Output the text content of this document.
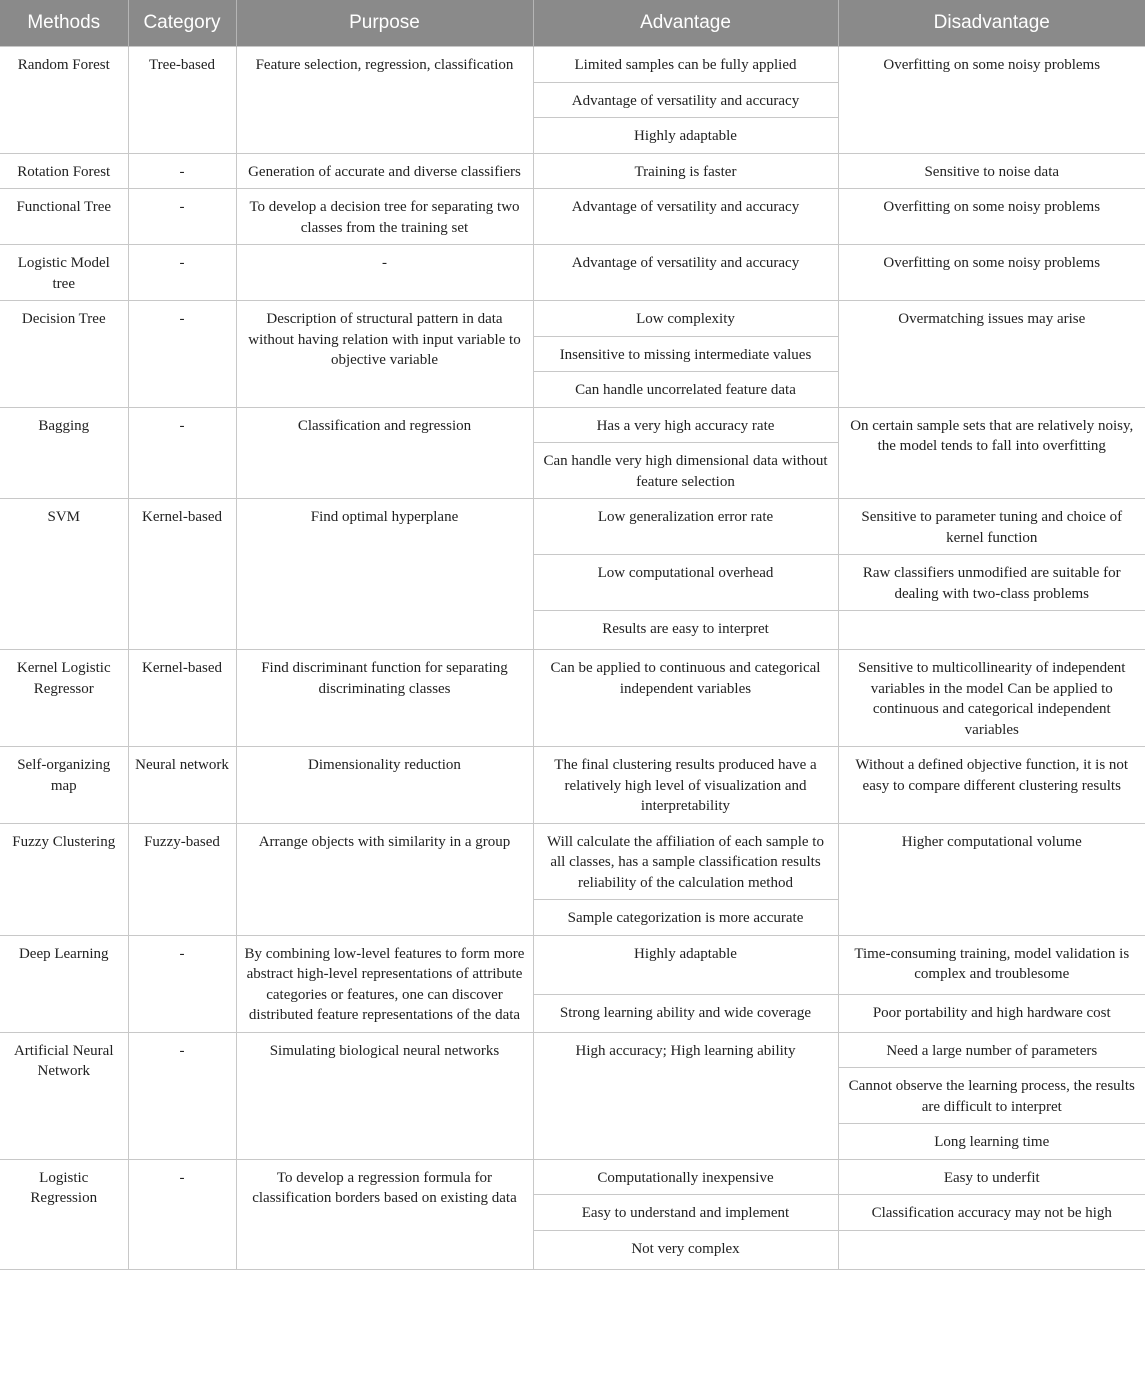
Methods	Category	Purpose	Advantage	Disadvantage
Random Forest	Tree-based	Feature selection, regression, classification	Limited samples can be fully applied	Overfitting on some noisy problems
			Advantage of versatility and accuracy	
			Highly adaptable	
Rotation Forest	-	Generation of accurate and diverse classifiers	Training is faster	Sensitive to noise data
Functional Tree	-	To develop a decision tree for separating two classes from the training set	Advantage of versatility and accuracy	Overfitting on some noisy problems
Logistic Model tree	-	-	Advantage of versatility and accuracy	Overfitting on some noisy problems
Decision Tree	-	Description of structural pattern in data without having relation with input variable to objective variable	Low complexity	Overmatching issues may arise
			Insensitive to missing intermediate values	
			Can handle uncorrelated feature data	
Bagging	-	Classification and regression	Has a very high accuracy rate	On certain sample sets that are relatively noisy, the model tends to fall into overfitting
			Can handle very high dimensional data without feature selection	
SVM	Kernel-based	Find optimal hyperplane	Low generalization error rate	Sensitive to parameter tuning and choice of kernel function
			Low computational overhead	Raw classifiers unmodified are suitable for dealing with two-class problems
			Results are easy to interpret	
Kernel Logistic Regressor	Kernel-based	Find discriminant function for separating discriminating classes	Can be applied to continuous and categorical independent variables	Sensitive to multicollinearity of independent variables in the model Can be applied to continuous and categorical independent variables
Self-organizing map	Neural network	Dimensionality reduction	The final clustering results produced have a relatively high level of visualization and interpretability	Without a defined objective function, it is not easy to compare different clustering results
Fuzzy Clustering	Fuzzy-based	Arrange objects with similarity in a group	Will calculate the affiliation of each sample to all classes, has a sample classification results reliability of the calculation method	Higher computational volume
			Sample categorization is more accurate	
Deep Learning	-	By combining low-level features to form more abstract high-level representations of attribute categories or features, one can discover distributed feature representations of the data	Highly adaptable	Time-consuming training, model validation is complex and troublesome
			Strong learning ability and wide coverage	Poor portability and high hardware cost
Artificial Neural Network	-	Simulating biological neural networks	High accuracy; High learning ability	Need a large number of parameters
				Cannot observe the learning process, the results are difficult to interpret
				Long learning time
Logistic Regression	-	To develop a regression formula for classification borders based on existing data	Computationally inexpensive	Easy to underfit
			Easy to understand and implement	Classification accuracy may not be high
			Not very complex	
